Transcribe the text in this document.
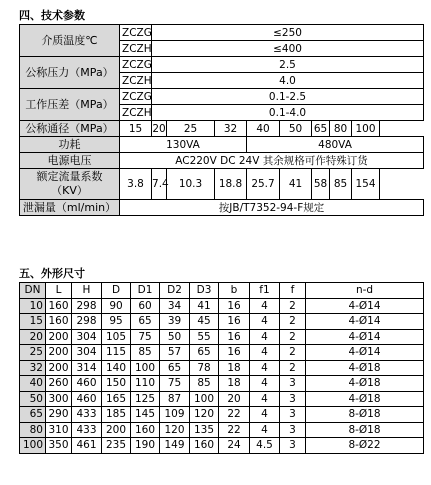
四、技术参数
介质温度℃	ZCZG	≤250							
	ZCZH	≤400							
公称压力（MPa）	ZCZG	2.5							
	ZCZH	4.0							
工作压差（MPa）	ZCZG	0.1-2.5							
	ZCZH	0.1-4.0							
公称通径（MPa）	15	20	25	32	40	50	65	80	100
功耗	130VA				480VA				
电源电压	AC220V DC 24V 其余规格可作特殊订货								

额定流量系数
（KV）	3.8	7.4	10.3	18.8	25.7	41	58	85	154
泄漏量（ml/min）	按JB/T7352-94-F规定								
五、外形尺寸
DN	L	H	D	D1	D2	D3	b	f1	f	n-d
10	160	298	90	60	34	41	16	4	2	4-Ø14
15	160	298	95	65	39	45	16	4	2	4-Ø14
20	200	304	105	75	50	55	16	4	2	4-Ø14
25	200	304	115	85	57	65	16	4	2	4-Ø14
32	200	314	140	100	65	78	18	4	2	4-Ø18
40	260	460	150	110	75	85	18	4	3	4-Ø18
50	300	460	165	125	87	100	20	4	3	4-Ø18
65	290	433	185	145	109	120	22	4	3	8-Ø18
80	310	433	200	160	120	135	22	4	3	8-Ø18
100	350	461	235	190	149	160	24	4.5	3	8-Ø22
